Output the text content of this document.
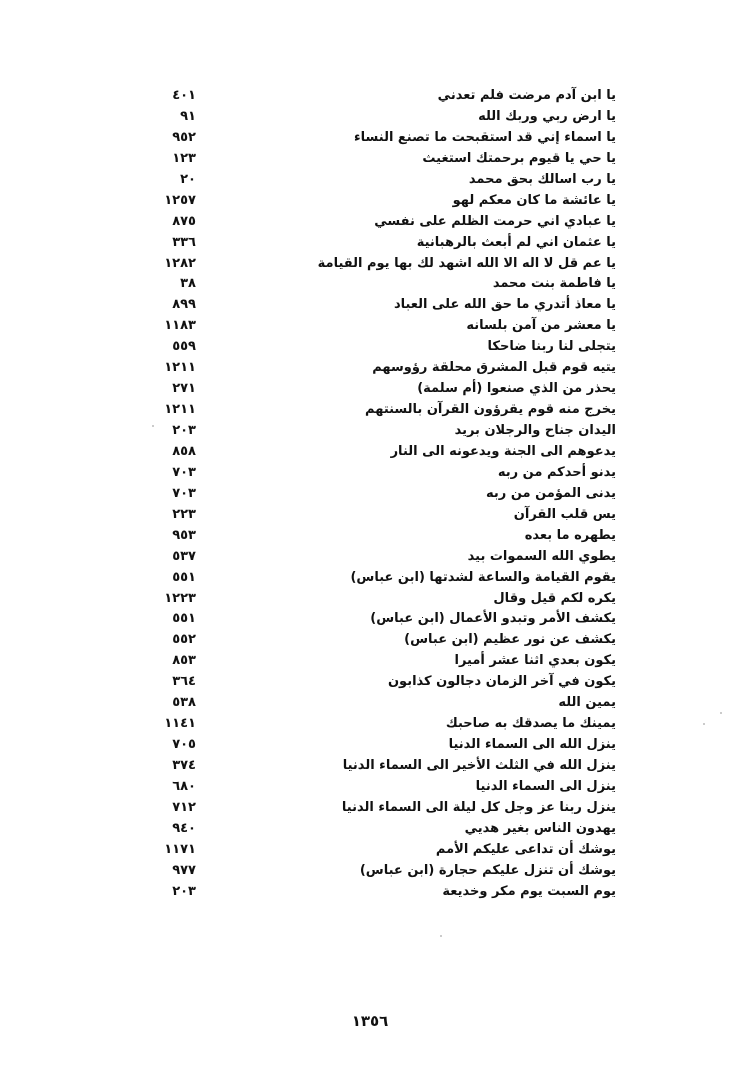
٤٠١	يا ابن آدم مرضت فلم تعدني
٩١	يا ارض ربي وربك الله
٩٥٢	يا اسماء إني قد استقبحت ما تصنع النساء
١٢٣	يا حي يا قيوم برحمتك استغيث
٢٠	يا رب اسالك بحق محمد
١٢٥٧	يا عائشة ما كان معكم لهو
٨٧٥	يا عبادي اني حرمت الظلم على نفسي
٣٣٦	يا عثمان اني لم أبعث بالرهبانية
١٢٨٢	يا عم قل لا اله الا الله اشهد لك بها يوم القيامة
٣٨	يا فاطمة بنت محمد
٨٩٩	يا معاذ أتدري ما حق الله على العباد
١١٨٣	يا معشر من آمن بلسانه
٥٥٩	يتجلى لنا ربنا ضاحكا
١٢١١	يتيه قوم قبل المشرق محلقة رؤوسهم
٢٧١	يحذر من الذي صنعوا (أم سلمة)
١٢١١	يخرج منه قوم يقرؤون القرآن بالسنتهم
٢٠٣	اليدان جناح والرجلان بريد
٨٥٨	يدعوهم الى الجنة ويدعونه الى النار
٧٠٣	يدنو أحدكم من ربه
٧٠٣	يدنى المؤمن من ربه
٢٢٣	يس قلب القرآن
٩٥٣	يطهره ما بعده
٥٣٧	يطوي الله السموات بيد
٥٥١	يقوم القيامة والساعة لشدتها (ابن عباس)
١٢٢٣	يكره لكم قيل وقال
٥٥١	يكشف الأمر وتبدو الأعمال (ابن عباس)
٥٥٢	يكشف عن نور عظيم (ابن عباس)
٨٥٣	يكون بعدي اثنا عشر أميرا
٣٦٤	يكون في آخر الزمان دجالون كذابون
٥٣٨	يمين الله
١١٤١	يمينك ما يصدقك به صاحبك
٧٠٥	ينزل الله الى السماء الدنيا
٣٧٤	ينزل الله في الثلث الأخير الى السماء الدنيا
٦٨٠	ينزل الى السماء الدنيا
٧١٢	ينزل ربنا عز وجل كل ليلة الى السماء الدنيا
٩٤٠	يهدون الناس بغير هديي
١١٧١	يوشك أن تداعى عليكم الأمم
٩٧٧	يوشك أن تنزل عليكم حجارة (ابن عباس)
٢٠٣	يوم السبت يوم مكر وخديعة
١٣٥٦
